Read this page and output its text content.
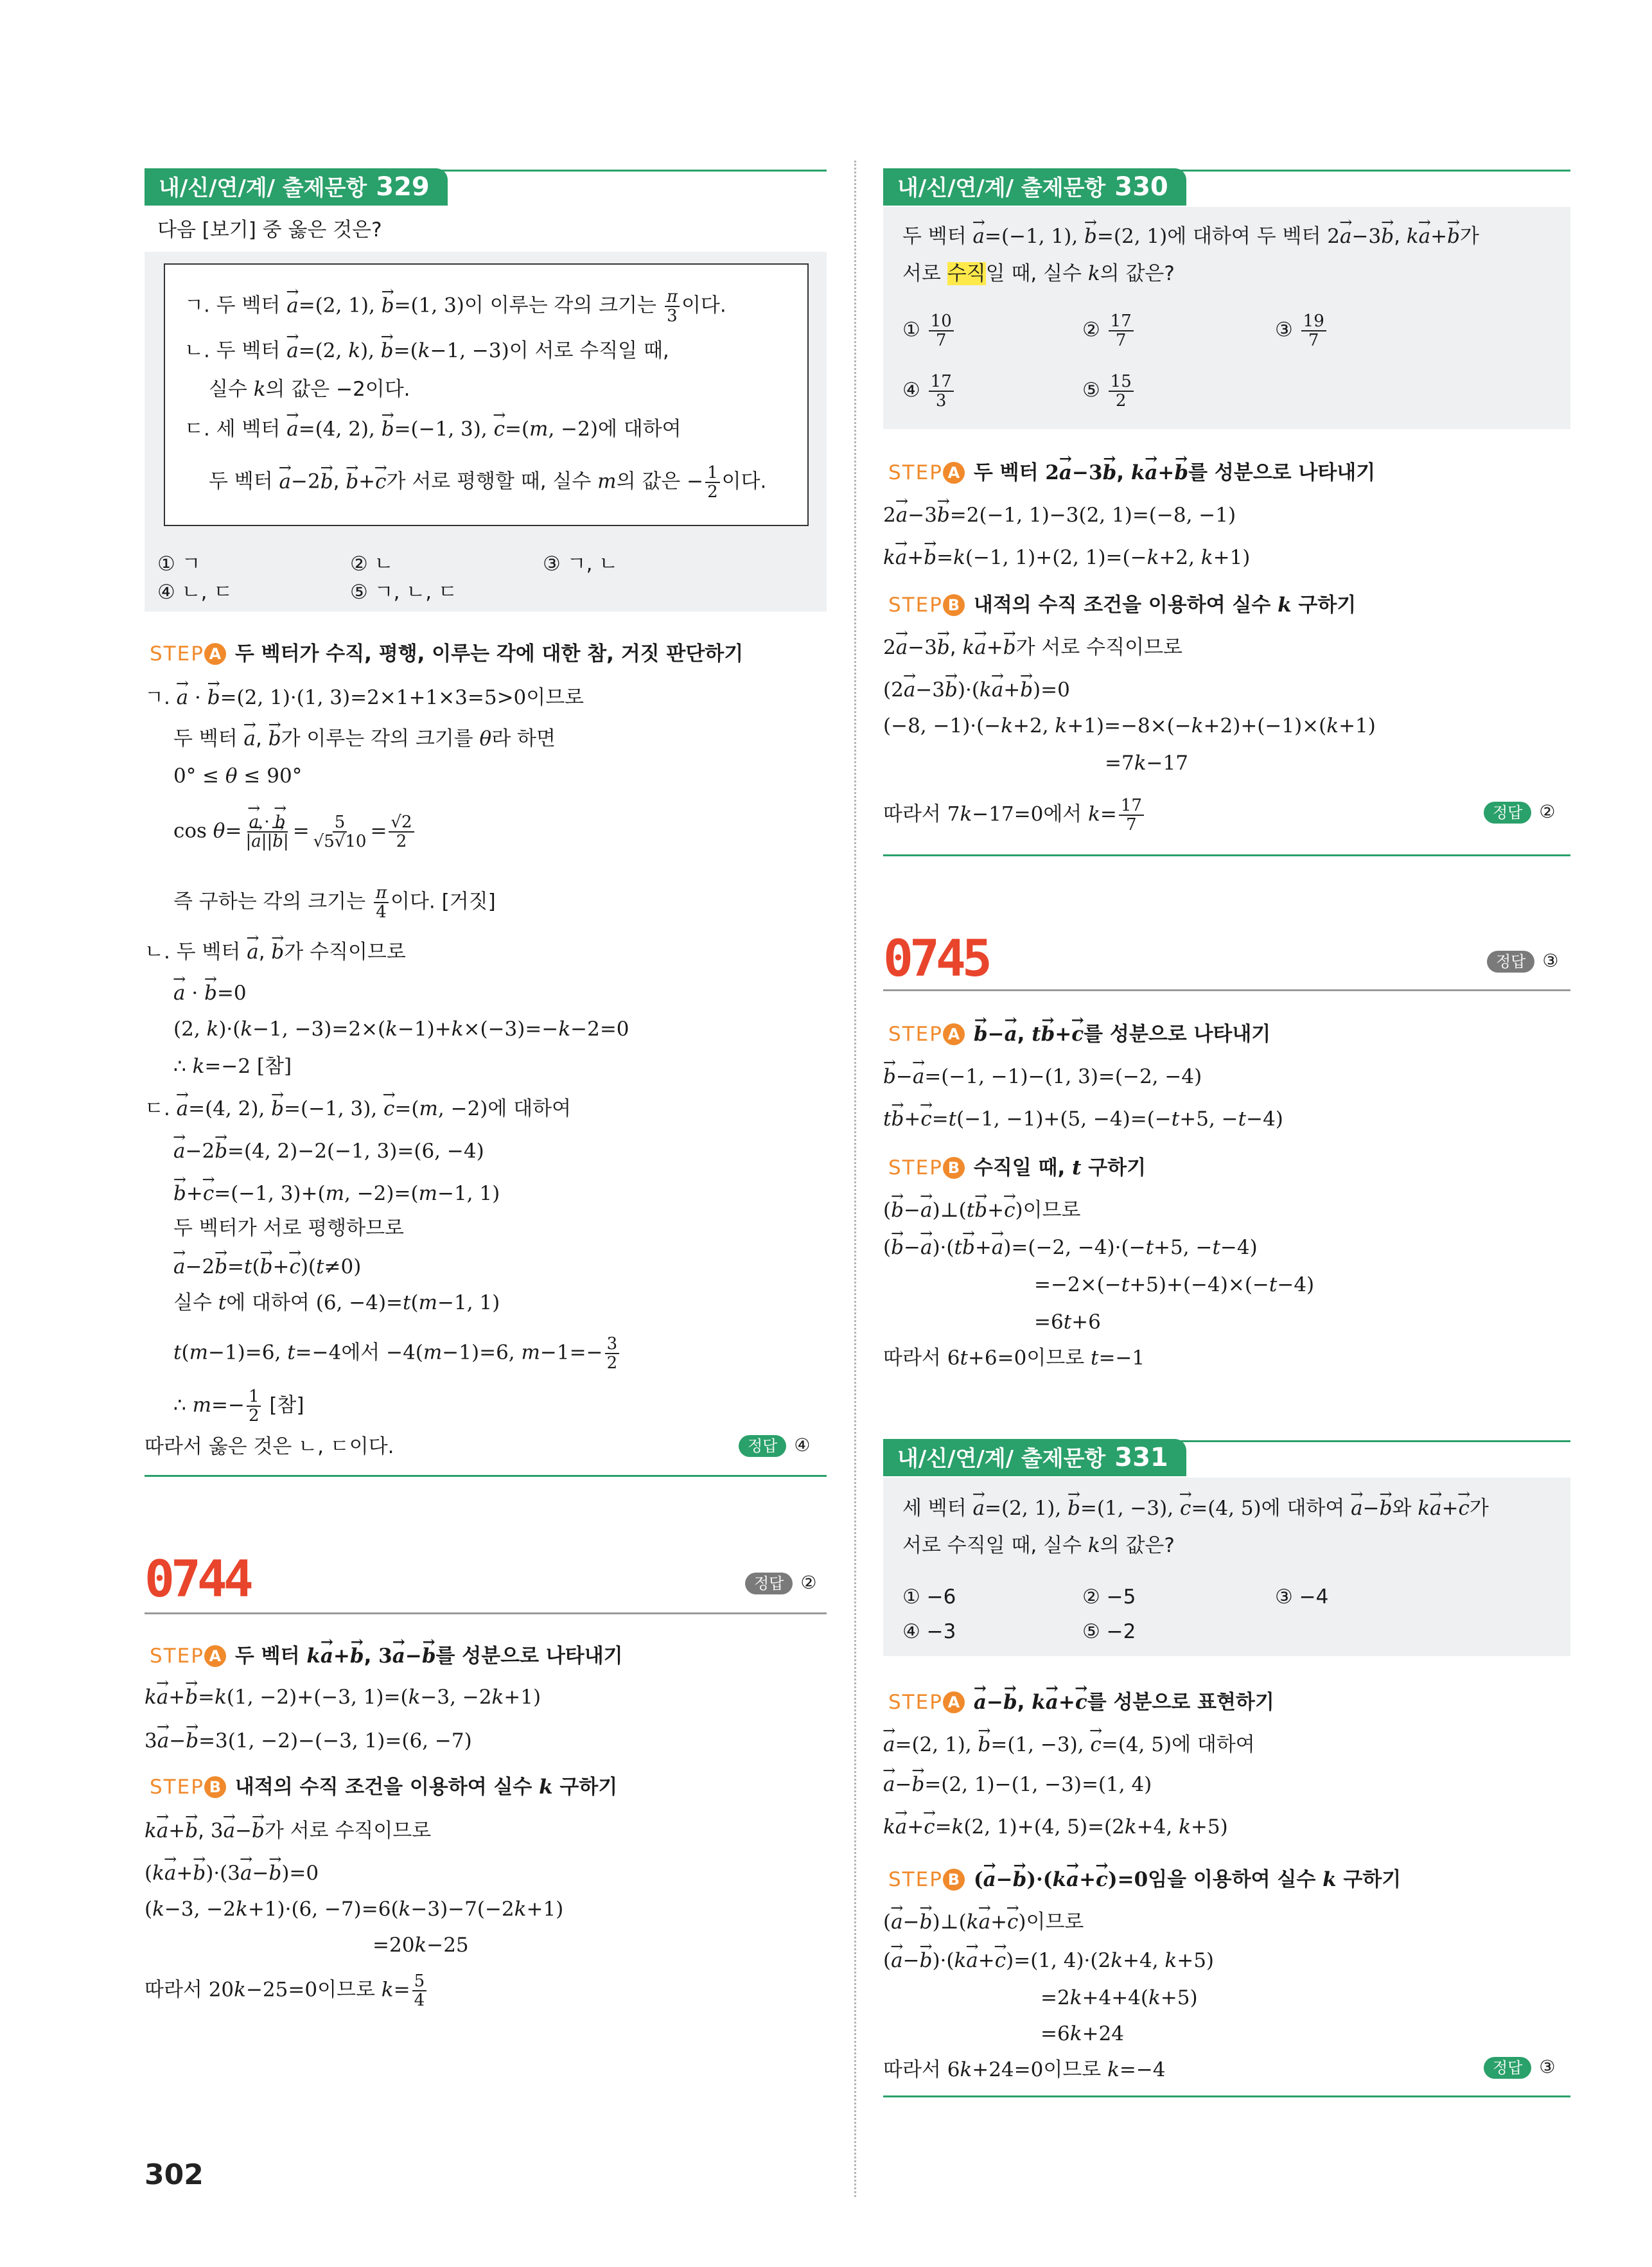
내/신/연/계/ 출제문항 329
다음 [보기] 중 옳은 것은?
ㄱ. 두 벡터 → a=(2, 1), → b=(1, 3)이 이루는 각의 크기는 $\frac{\pi}{3}$ 이다.
ㄴ. 두 벡터 → a=(2, k), → b=(k−1, −3)이 서로 수직일 때,
실수 k의 값은 −2이다.
ㄷ. 세 벡터 → a=(4, 2), → b=(−1, 3), → c=(m, −2)에 대하여
두 벡터 → a−2→ b, → b+→ c가 서로 평행할 때, 실수 m의 값은 − $\frac{1}{2}$ 이다.
① ㄱ	② ㄴ	③ ㄱ, ㄴ
④ ㄴ, ㄷ	⑤ ㄱ, ㄴ, ㄷ
STEP A 두 벡터가 수직, 평행, 이루는 각에 대한 참, 거짓 판단하기
ㄱ. → a · → b=(2, 1)·(1, 3)=2×1+1×3=5>0이므로
두 벡터 → a, → b가 이루는 각의 크기를 θ라 하면
0° ≤ θ ≤ 90°
cos θ=
→ $\frac{a \cdot \to b}{|\to a||\to b|} = \frac{5}{√5√10} = \frac{√2}{2}$
즉 구하는 각의 크기는 $\frac{\pi}{4}$ 이다. [거짓]
ㄴ. 두 벡터 → a, → b가 수직이므로
→ a · → b=0
(2, k)·(k−1, −3)=2×(k−1)+k×(−3)=−k−2=0
∴ k=−2 [참]
ㄷ. → a=(4, 2), → b=(−1, 3), → c=(m, −2)에 대하여
→ a−2→ b=(4, 2)−2(−1, 3)=(6, −4)
→ b+→ c=(−1, 3)+(m, −2)=(m−1, 1)
두 벡터가 서로 평행하므로
→ a−2→ b=t(→ b+→ c)(t≠0)
실수 t에 대하여 (6, −4)=t(m−1, 1)
t(m−1)=6, t=−4에서 −4(m−1)=6, $m-1=- \frac{3}{2}$
∴ $m=- \frac{1}{2}$ [참]
따라서 옳은 것은 ㄴ, ㄷ이다.	정답 ④
0744	정답 ②
STEP A 두 벡터 k→ a+→ b, 3→ a−→ b를 성분으로 나타내기
k→ a+→ b=k(1, −2)+(−3, 1)=(k−3, −2k+1)
3→ a−→ b=3(1, −2)−(−3, 1)=(6, −7)
STEP B 내적의 수직 조건을 이용하여 실수 k 구하기
k→ a+→ b, 3→ a−→ b가 서로 수직이므로
(k→ a+→ b)·(3→ a−→ b)=0
(k−3, −2k+1)·(6, −7)=6(k−3)−7(−2k+1)
=20k−25
따라서 20k−25=0이므로 $k= \frac{5}{4}$
302
내/신/연/계/ 출제문항 330
두 벡터 → a=(−1, 1), → b=(2, 1)에 대하여 두 벡터 2→ a−3→ b, k→ a+→ b가
서로 수직일 때, 실수 k의 값은?
① $\frac{10}{7}$	② $\frac{17}{7}$	③ $\frac{19}{7}$
④ $\frac{17}{3}$	⑤ $\frac{15}{2}$
STEP A 두 벡터 2→ a−3→ b, k→ a+→ b를 성분으로 나타내기
2→ a−3→ b=2(−1, 1)−3(2, 1)=(−8, −1)
k→ a+→ b=k(−1, 1)+(2, 1)=(−k+2, k+1)
STEP B 내적의 수직 조건을 이용하여 실수 k 구하기
2→ a−3→ b, k→ a+→ b가 서로 수직이므로
(2→ a−3→ b)·(k→ a+→ b)=0
(−8, −1)·(−k+2, k+1)=−8×(−k+2)+(−1)×(k+1)
=7k−17
따라서 7k−17=0에서 $k= \frac{17}{7}$	정답 ②
0745	정답 ③
STEP A→ b−→ a, t→ b+→ c를 성분으로 나타내기
→ b−→ a=(−1, −1)−(1, 3)=(−2, −4)
t→ b+→ c=t(−1, −1)+(5, −4)=(−t+5, −t−4)
STEP B 수직일 때, t 구하기
(→ b−→ a)⊥(t→ b+→ c)이므로
(→ b−→ a)·(t→ b+→ a)=(−2, −4)·(−t+5, −t−4)
=−2×(−t+5)+(−4)×(−t−4)
=6t+6
따라서 6t+6=0이므로 t=−1
내/신/연/계/ 출제문항 331
세 벡터 → a=(2, 1), → b=(1, −3), → c=(4, 5)에 대하여 → a−→ b와 k→ a+→ c가
서로 수직일 때, 실수 k의 값은?
① −6	② −5	③ −4
④ −3	⑤ −2
STEP A→ a−→ b, k→ a+→ c를 성분으로 표현하기
→ a=(2, 1), → b=(1, −3), → c=(4, 5)에 대하여
→ a−→ b=(2, 1)−(1, −3)=(1, 4)
k→ a+→ c=k(2, 1)+(4, 5)=(2k+4, k+5)
STEP B (→ a−→ b)·(k→ a+→ c)=0임을 이용하여 실수 k 구하기
(→ a−→ b)⊥(k→ a+→ c)이므로
(→ a−→ b)·(k→ a+→ c)=(1, 4)·(2k+4, k+5)
=2k+4+4(k+5)
=6k+24
따라서 6k+24=0이므로 k=−4	정답 ③
